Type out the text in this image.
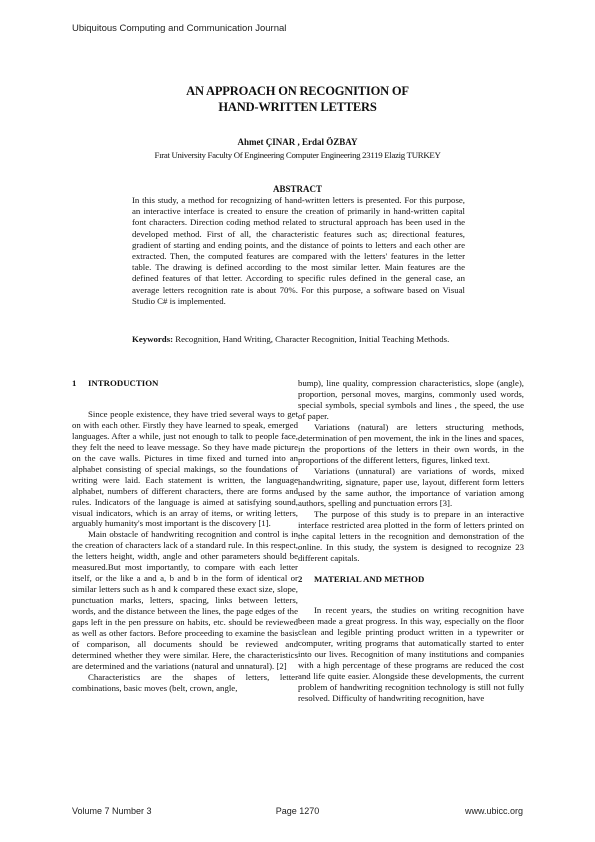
Ubiquitous Computing and Communication Journal
AN APPROACH ON RECOGNITION OF
HAND-WRITTEN LETTERS
Ahmet ÇINAR , Erdal ÖZBAY
Fırat University Faculty Of Engineering Computer Engineering 23119 Elazig TURKEY
ABSTRACT

In this study, a method for recognizing of hand-written letters is presented. For this purpose, an interactive interface is created to ensure the creation of primarily in hand-written capital font characters. Direction coding method related to structural approach has been used in the developed method. First of all, the characteristic features such as; directional features, gradient of starting and ending points, and the distance of points to letters and each other are extracted. Then, the computed features are compared with the letters' features in the letter table. The drawing is defined according to the most similar letter. Main features are the defined features of that letter. According to specific rules defined in the general case, an average letters recognition rate is about 70%. For this purpose, a software based on Visual Studio C# is implemented.

Keywords: Recognition, Hand Writing, Character Recognition, Initial Teaching Methods.

1 INTRODUCTION

Since people existence, they have tried several ways to get on with each other. Firstly they have learned to speak, emerged languages. After a while, just not enough to talk to people face, they felt the need to leave message. So they have made picture on the cave walls. Pictures in time fixed and turned into an alphabet consisting of special makings, so the foundations of writing were laid. Each statement is written, the language alphabet, numbers of different characters, there are forms and rules. Indicators of the language is aimed at satisfying sound, visual indicators, which is an array of items, or writing letters, arguably humanity's most important is the discovery [1].

Main obstacle of handwriting recognition and control is in the creation of characters lack of a standard rule. In this respect, the letters height, width, angle and other parameters should be measured.But most importantly, to compare with each letter itself, or the like a and a, b and b in the form of identical or similar letters such as h and k compared these exact size, slope, punctuation marks, letters, spacing, links between letters, words, and the distance between the lines, the page edges of the gaps left in the pen pressure on habits, etc. should be reviewed as well as other factors. Before proceeding to examine the basis of comparison, all documents should be reviewed and determined whether they were similar. Here, the characteristics are determined and the variations (natural and unnatural). [2]

Characteristics are the shapes of letters, letter combinations, basic moves (belt, crown, angle,

bump), line quality, compression characteristics, slope (angle), proportion, personal moves, margins, commonly used words, special symbols, special symbols and lines , the speed, the use of paper.

Variations (natural) are letters structuring methods, determination of pen movement, the ink in the lines and spaces, in the proportions of the letters in their own words, in the proportions of the different letters, figures, linked text.

Variations (unnatural) are variations of words, mixed handwriting, signature, paper use, layout, different form letters used by the same author, the importance of variation among authors, spelling and punctuation errors [3].

The purpose of this study is to prepare in an interactive interface restricted area plotted in the form of letters printed on the capital letters in the recognition and demonstration of the online. In this study, the system is designed to recognize 23 different capitals.

2 MATERIAL AND METHOD

In recent years, the studies on writing recognition have been made a great progress. In this way, especially on the floor clean and legible printing product written in a typewriter or computer, writing programs that automatically started to enter into our lives. Recognition of many institutions and companies with a high percentage of these programs are reduced the cost and life quite easier. Alongside these developments, the current problem of handwriting recognition technology is still not fully resolved. Difficulty of handwriting recognition, have

Volume 7 Number 3	Page 1270	www.ubicc.org
